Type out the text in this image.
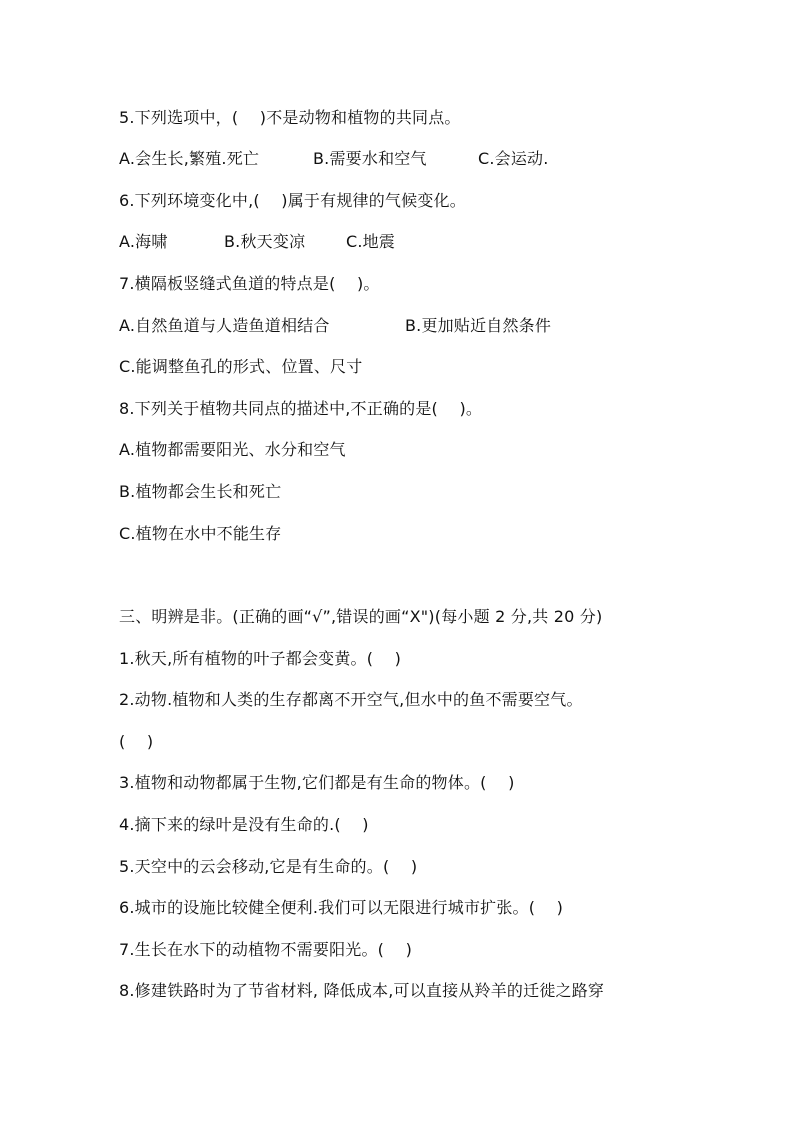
5.下列选项中，(　 )不是动物和植物的共同点。
A.会生长,繁殖.死亡	B.需要水和空气	C.会运动.
6.下列环境变化中,(　 )属于有规律的气候变化。
A.海啸	B.秋天变凉	C.地震
7.横隔板竖缝式鱼道的特点是(　 )。
A.自然鱼道与人造鱼道相结合	B.更加贴近自然条件
C.能调整鱼孔的形式、位置、尺寸
8.下列关于植物共同点的描述中,不正确的是(　 )。
A.植物都需要阳光、水分和空气
B.植物都会生长和死亡
C.植物在水中不能生存
三、明辨是非。(正确的画“√”,错误的画“X")(每小题 2 分,共 20 分)
1.秋天,所有植物的叶子都会变黄。(　 )
2.动物.植物和人类的生存都离不开空气,但水中的鱼不需要空气。
(　 )
3.植物和动物都属于生物,它们都是有生命的物体。(　 )
4.摘下来的绿叶是没有生命的.(　 )
5.天空中的云会移动,它是有生命的。(　 )
6.城市的设施比较健全便利.我们可以无限进行城市扩张。(　 )
7.生长在水下的动植物不需要阳光。(　 )
8.修建铁路时为了节省材料, 降低成本,可以直接从羚羊的迁徙之路穿
